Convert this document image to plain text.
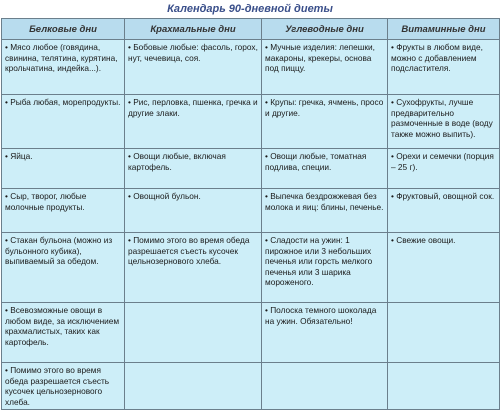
Календарь 90-дневной диеты
Белковые дни	Крахмальные дни	Углеводные дни	Витаминные дни
• Мясо любое (говядина, свинина, телятина, курятина, крольчатина, индейка...).	• Бобовые любые: фасоль, горох, нут, чечевица, соя.	• Мучные изделия: лепешки, макароны, крекеры, основа под пиццу.	• Фрукты в любом виде, можно с добавлением подсластителя.
• Рыба любая, морепродукты.	• Рис, перловка, пшенка, гречка и другие злаки.	• Крупы: гречка, ячмень, просо и другие.	• Сухофрукты, лучше предварительно размоченные в воде (воду также можно выпить).
• Яйца.	• Овощи любые, включая картофель.	• Овощи любые, томатная подлива, специи.	• Орехи и семечки (порция – 25 г).
• Сыр, творог, любые молочные продукты.	• Овощной бульон.	• Выпечка бездрожжевая без молока и яиц: блины, печенье.	• Фруктовый, овощной сок.
• Стакан бульона (можно из бульонного кубика), выпиваемый за обедом.	• Помимо этого во время обеда разрешается съесть кусочек цельнозернового хлеба.	• Сладости на ужин: 1 пирожное или 3 небольших печенья или горсть мелкого печенья или 3 шарика мороженого.	• Свежие овощи.
• Всевозможные овощи в любом виде, за исключением крахмалистых, таких как картофель.		• Полоска темного шоколада на ужин. Обязательно!	
• Помимо этого во время обеда разрешается съесть кусочек цельнозернового хлеба.			
